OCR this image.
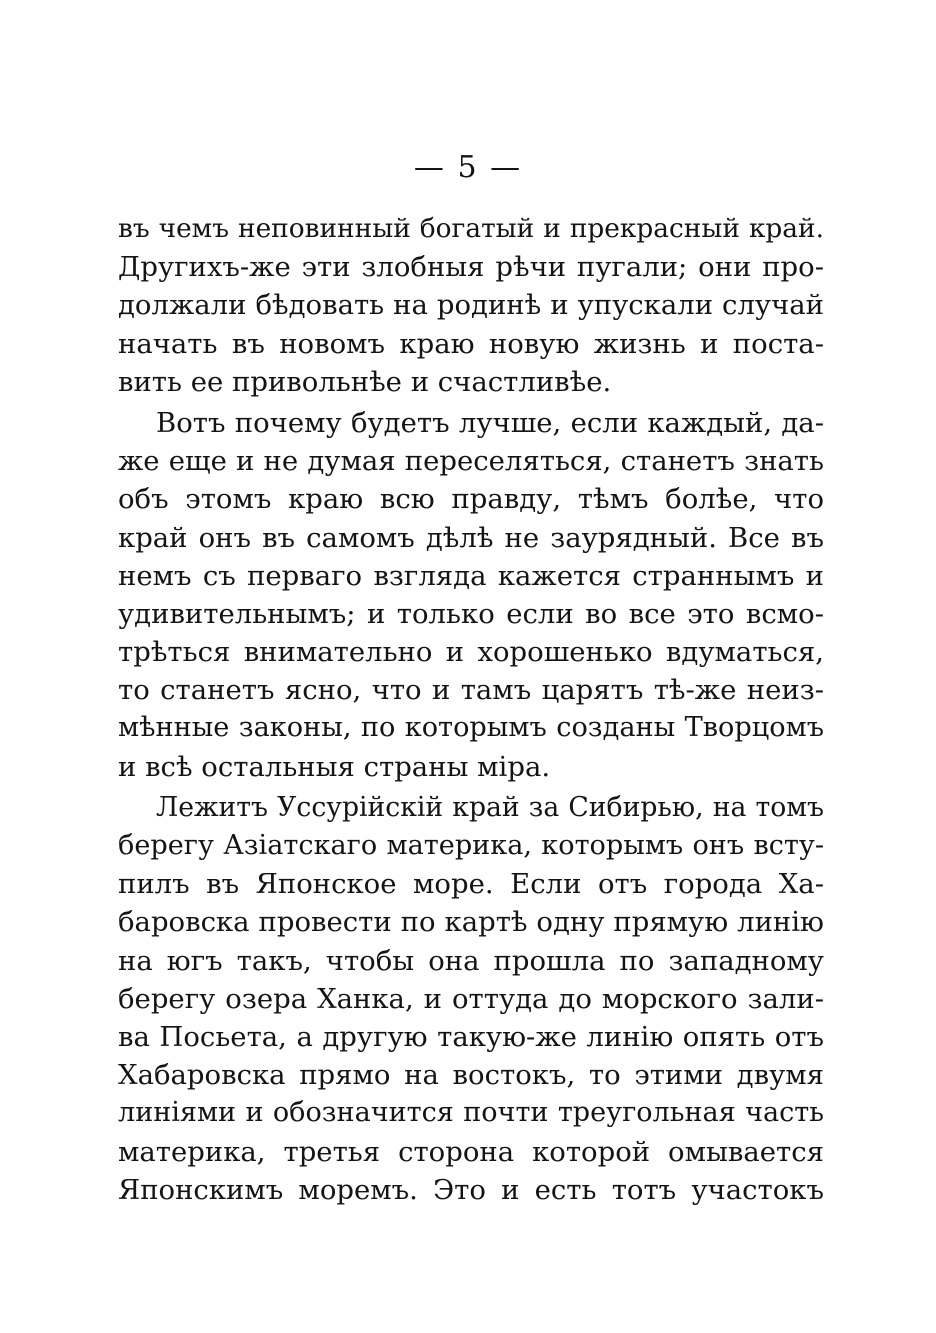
— 5 —
въ чемъ неповинный богатый и прекрасный край.
Другихъ-же эти злобныя рѣчи пугали; они про-
должали бѣдовать на родинѣ и упускали случай
начать въ новомъ краю новую жизнь и поста-
вить ее привольнѣе и счастливѣе.
Вотъ почему будетъ лучше, если каждый, да-
же еще и не думая переселяться, станетъ знать
объ этомъ краю всю правду, тѣмъ болѣе, что
край онъ въ самомъ дѣлѣ не заурядный. Все въ
немъ съ перваго взгляда кажется страннымъ и
удивительнымъ; и только если во все это всмо-
трѣться внимательно и хорошенько вдуматься,
то станетъ ясно, что и тамъ царятъ тѣ-же неиз-
мѣнные законы, по которымъ созданы Творцомъ
и всѣ остальныя страны міра.
Лежитъ Уссурійскій край за Сибирью, на томъ
берегу Азіатскаго материка, которымъ онъ всту-
пилъ въ Японское море. Если отъ города Ха-
баровска провести по картѣ одну прямую линію
на югъ такъ, чтобы она прошла по западному
берегу озера Ханка, и оттуда до морского зали-
ва Посьета, а другую такую-же линію опять отъ
Хабаровска прямо на востокъ, то этими двумя
линіями и обозначится почти треугольная часть
материка, третья сторона которой омывается
Японскимъ моремъ. Это и есть тотъ участокъ
